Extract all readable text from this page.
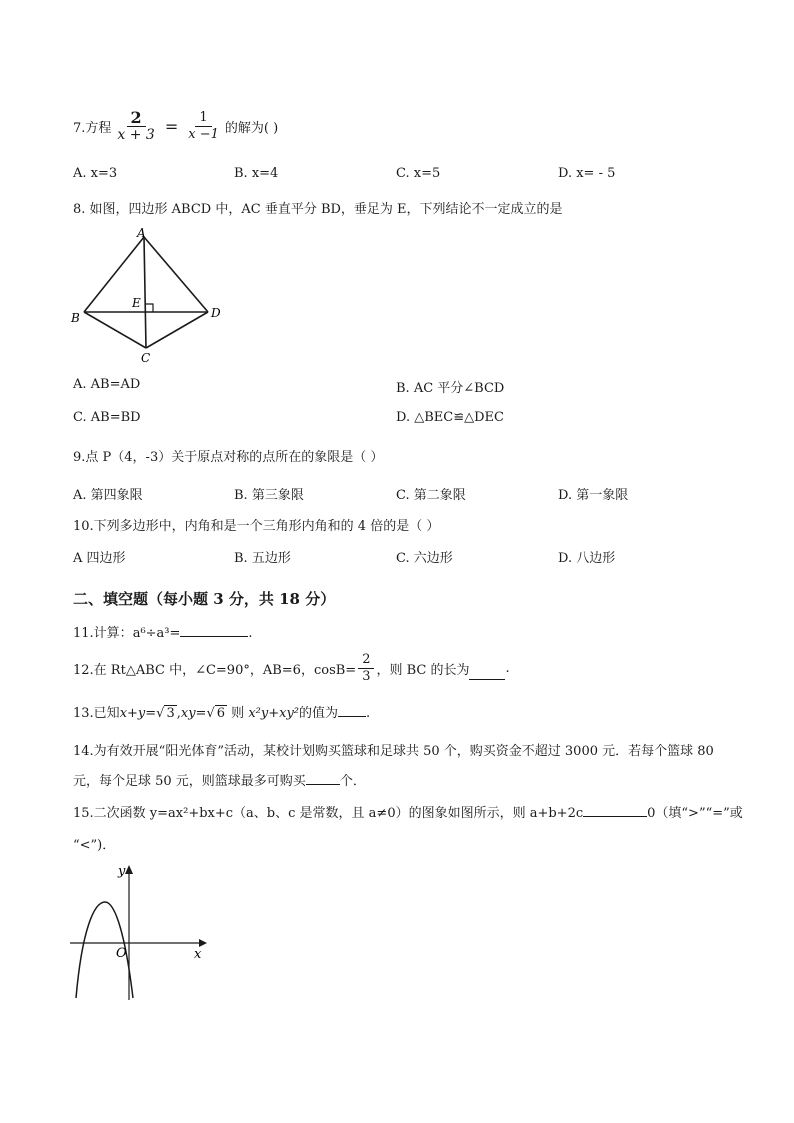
7.方程 $\frac{2}{x + 3} = \frac{1}{x -1}$ 的解为( )
A. x=3	B. x=4	C. x=5	D. x= - 5
8. 如图，四边形 ABCD 中，AC 垂直平分 BD，垂足为 E，下列结论不一定成立的是
A
B
C
D
E
A. AB=AD	B. AC 平分∠BCD
C. AB=BD	D. △BEC≌△DEC
9.点 P（4，-3）关于原点对称的点所在的象限是（ ）
A. 第四象限	B. 第三象限	C. 第二象限	D. 第一象限
10.下列多边形中，内角和是一个三角形内角和的 4 倍的是（ ）
A 四边形	B. 五边形	C. 六边形	D. 八边形
二、填空题（每小题 3 分，共 18 分）
11.计算：a⁶÷a³=	.
12.在 Rt△ABC 中，∠C=90°，AB=6，$\cos B= \frac{2}{3}$ ，则 BC 的长为	.
13.已知x+y=√ 3 ,xy=√ 6 则 x²y+xy²的值为 .
14.为有效开展“阳光体育”活动，某校计划购买篮球和足球共 50 个，购买资金不超过 3000 元．若每个篮球 80
元，每个足球 50 元，则篮球最多可购买	个．
15.二次函数 y=ax²+bx+c（a、b、c 是常数，且 a≠0）的图象如图所示，则 a+b+2c	0（填“>”“=”或
“<”)．
y
x
O
